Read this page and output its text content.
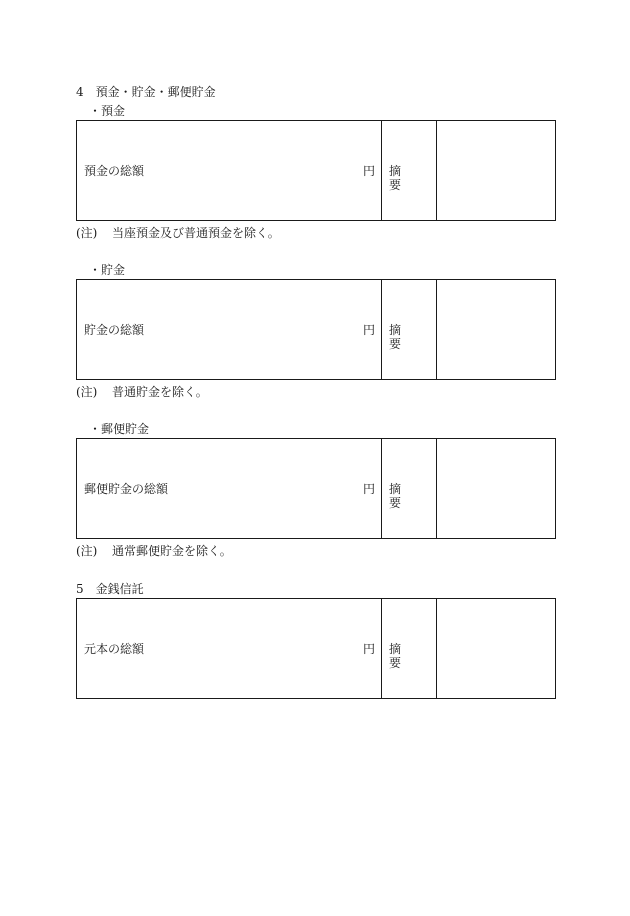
4　預金・貯金・郵便貯金
・預金
預金の総額	円 摘要
(注) 当座預金及び普通預金を除く。
・貯金
貯金の総額	円 摘要
(注) 普通貯金を除く。
・郵便貯金
郵便貯金の総額	円 摘要
(注) 通常郵便貯金を除く。
5　金銭信託
元本の総額	円 摘要
